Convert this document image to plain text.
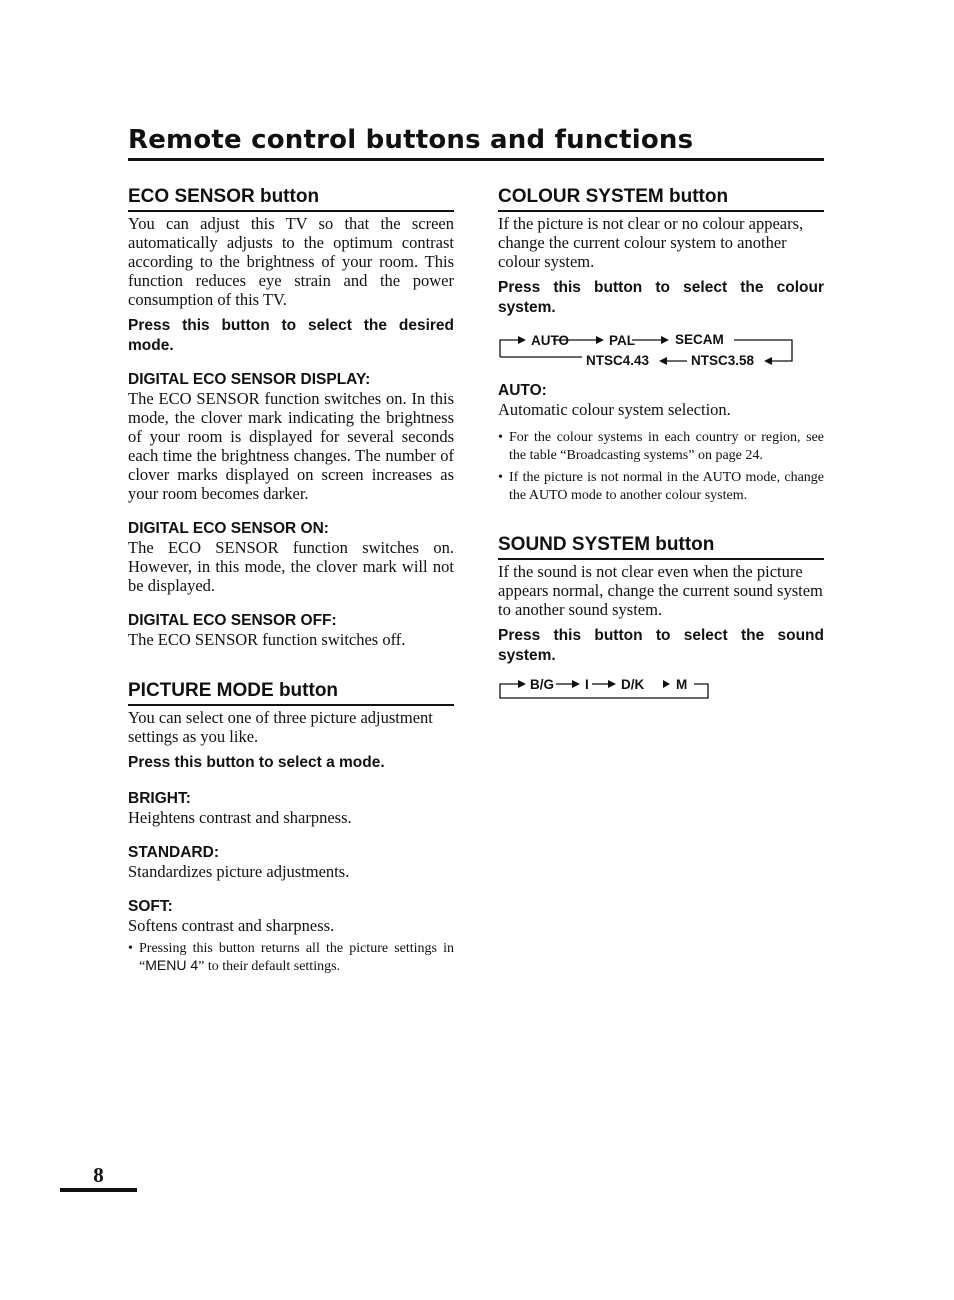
Remote control buttons and functions
ECO SENSOR button

You can adjust this TV so that the screen automatically adjusts to the optimum contrast according to the brightness of your room. This function reduces eye strain and the power consumption of this TV.

Press this button to select the desired mode.

DIGITAL ECO SENSOR DISPLAY:

The ECO SENSOR function switches on. In this mode, the clover mark indicating the brightness of your room is displayed for several seconds each time the brightness changes. The number of clover marks displayed on screen increases as your room becomes darker.

DIGITAL ECO SENSOR ON:

The ECO SENSOR function switches on. However, in this mode, the clover mark will not be displayed.

DIGITAL ECO SENSOR OFF:

The ECO SENSOR function switches off.

PICTURE MODE button

You can select one of three picture adjustment settings as you like.

Press this button to select a mode.

BRIGHT:

Heightens contrast and sharpness.

STANDARD:

Standardizes picture adjustments.

SOFT:

Softens contrast and sharpness.

• Pressing this button returns all the picture settings in “MENU 4” to their default settings.

COLOUR SYSTEM button

If the picture is not clear or no colour appears, change the current colour system to another colour system.

Press this button to select the colour system.
AUTO	PAL	SECAM
NTSC3.58
NTSC4.43

AUTO:

Automatic colour system selection.

• For the colour systems in each country or region, see the table “Broadcasting systems” on page 24.

• If the picture is not normal in the AUTO mode, change the AUTO mode to another colour system.

SOUND SYSTEM button

If the sound is not clear even when the picture appears normal, change the current sound system to another sound system.

Press this button to select the sound system.
B/G I D/K M
8
